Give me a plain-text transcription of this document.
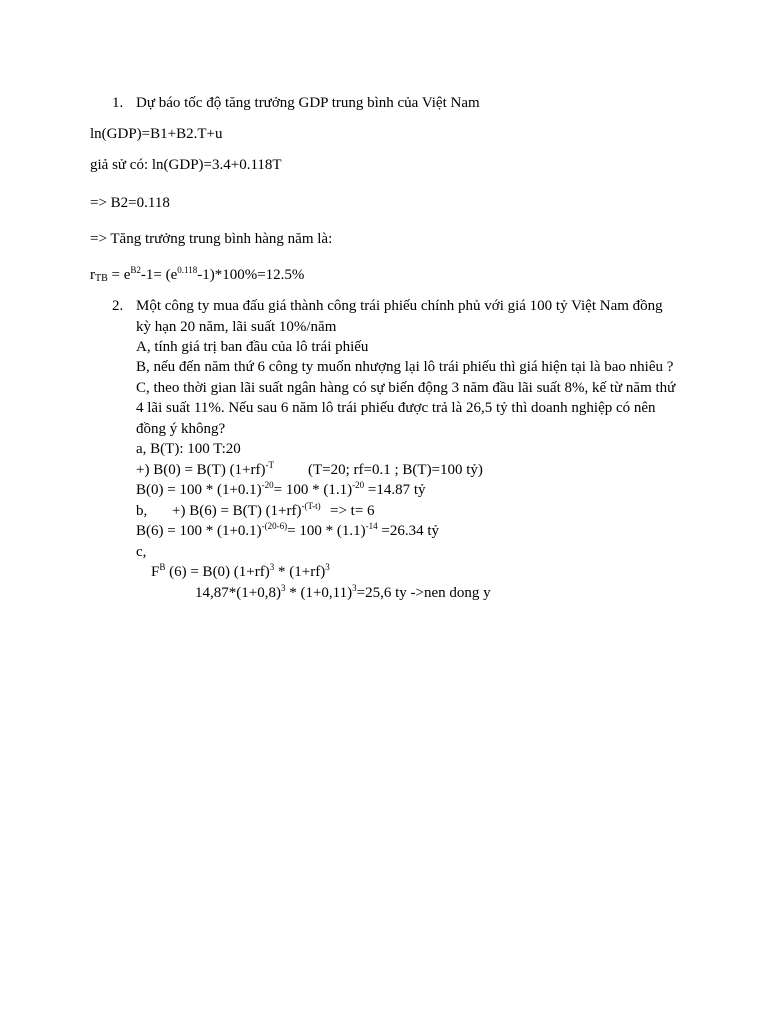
1. Dự báo tốc độ tăng trưởng GDP trung bình của Việt Nam
ln(GDP)=B1+B2.T+u
giả sử có: ln(GDP)=3.4+0.118T
=> B2=0.118
=> Tăng trưởng trung bình hàng năm là:
$r_{TB} = e^{B2}-1= (e^{0.118}-1)*100\%=12.5\%$
2. Một công ty mua đấu giá thành công trái phiếu chính phủ với giá 100 tỷ Việt Nam đồng
kỳ hạn 20 năm, lãi suất 10%/năm
A, tính giá trị ban đầu của lô trái phiếu
B, nếu đến năm thứ 6 công ty muốn nhượng lại lô trái phiếu thì giá hiện tại là bao nhiêu ?
C, theo thời gian lãi suất ngân hàng có sự biến động 3 năm đầu lãi suất 8%, kế từ năm thứ
4 lãi suất 11%. Nếu sau 6 năm lô trái phiếu được trả là 26,5 tỷ thì doanh nghiệp có nên
đồng ý không?
a, B(T): 100 T:20
+) B(0) = B(T) $(1+rf)^{-T}$ (T=20; rf=0.1 ; B(T)=100 tỷ)
$B(0) = 100 * (1+0.1)^{-20}= 100 * (1.1)^{-20} =14.87$ tỷ
b, +) B(6) = B(T) $(1+rf)^{-(T-t)} => t= 6$
$B(6) = 100 * (1+0.1)^{-(20-6)}= 100 * (1.1)^{-14} =26.34$ tỷ
c,
$F^B$ (6) = B(0) $(1+rf)^3 * (1+rf)^3$
$14,87*(1+0,8)^3 * (1+0,11)^3=25,6$ ty ->nen dong y
